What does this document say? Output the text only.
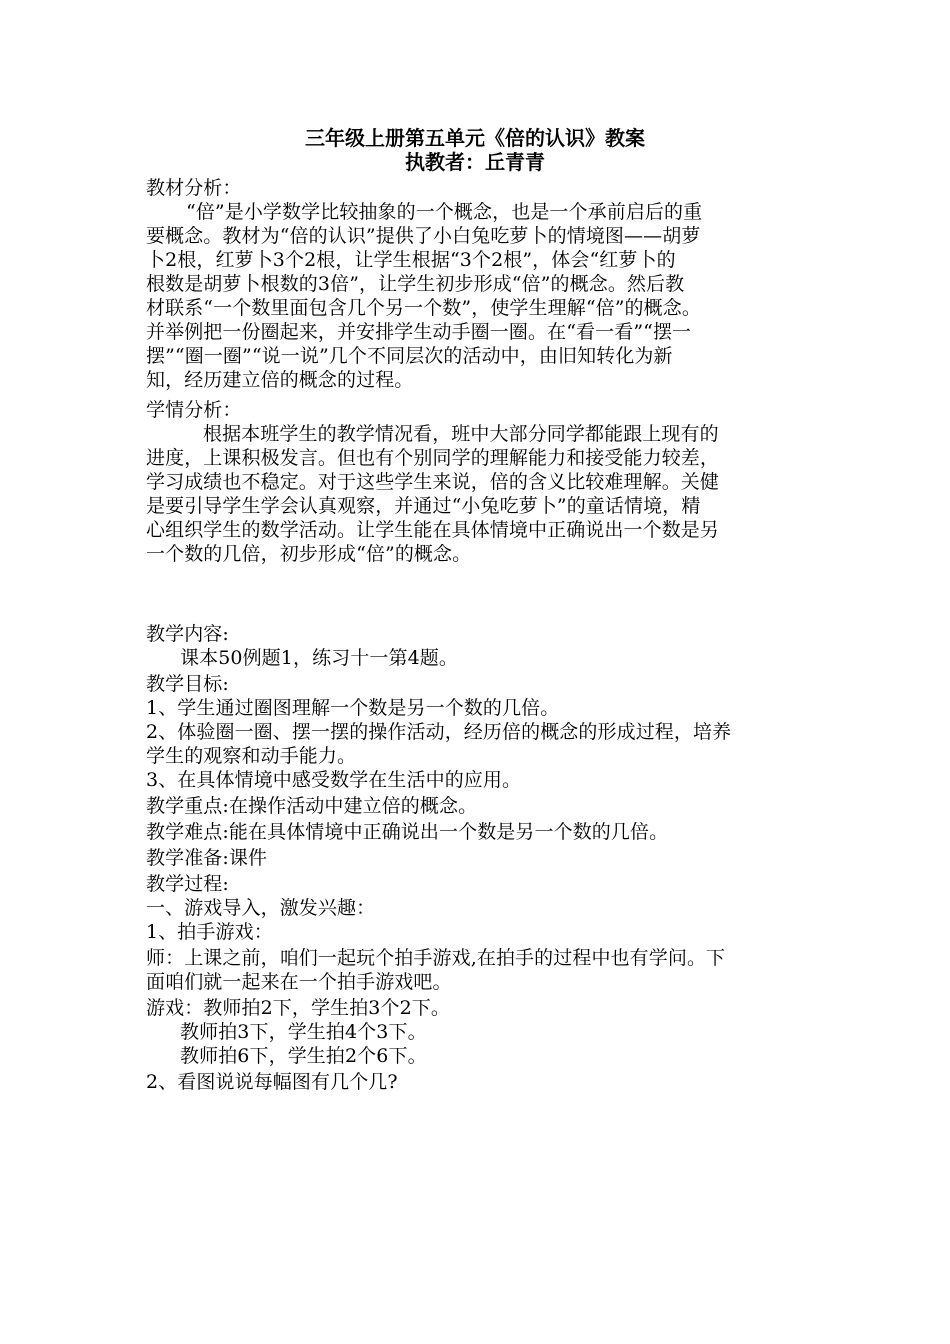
三年级上册第五单元《倍的认识》教案
执教者：丘青青
教材分析：
“倍”是小学数学比较抽象的一个概念，也是一个承前启后的重
要概念。教材为“倍的认识”提供了小白兔吃萝卜的情境图——胡萝
卜2根，红萝卜3个2根，让学生根据“3个2根”，体会“红萝卜的
根数是胡萝卜根数的3倍”，让学生初步形成“倍”的概念。然后教
材联系“一个数里面包含几个另一个数”，使学生理解“倍”的概念。
并举例把一份圈起来，并安排学生动手圈一圈。在“看一看”“摆一
摆”“圈一圈”“说一说”几个不同层次的活动中，由旧知转化为新
知，经历建立倍的概念的过程。
学情分析：
根据本班学生的教学情况看，班中大部分同学都能跟上现有的
进度，上课积极发言。但也有个别同学的理解能力和接受能力较差，
学习成绩也不稳定。对于这些学生来说，倍的含义比较难理解。关健
是要引导学生学会认真观察，并通过“小兔吃萝卜”的童话情境，精
心组织学生的数学活动。让学生能在具体情境中正确说出一个数是另
一个数的几倍，初步形成“倍”的概念。
教学内容:
课本50例题1，练习十一第4题。
教学目标:
1、学生通过圈图理解一个数是另一个数的几倍。
2、体验圈一圈、摆一摆的操作活动，经历倍的概念的形成过程，培养
学生的观察和动手能力。
3、在具体情境中感受数学在生活中的应用。
教学重点:在操作活动中建立倍的概念。
教学难点:能在具体情境中正确说出一个数是另一个数的几倍。
教学准备:课件
教学过程:
一、游戏导入，激发兴趣：
1、拍手游戏：
师：上课之前，咱们一起玩个拍手游戏,在拍手的过程中也有学问。下
面咱们就一起来在一个拍手游戏吧。
游戏：教师拍2下，学生拍3个2下。
教师拍3下，学生拍4个3下。
教师拍6下，学生拍2个6下。
2、看图说说每幅图有几个几?
